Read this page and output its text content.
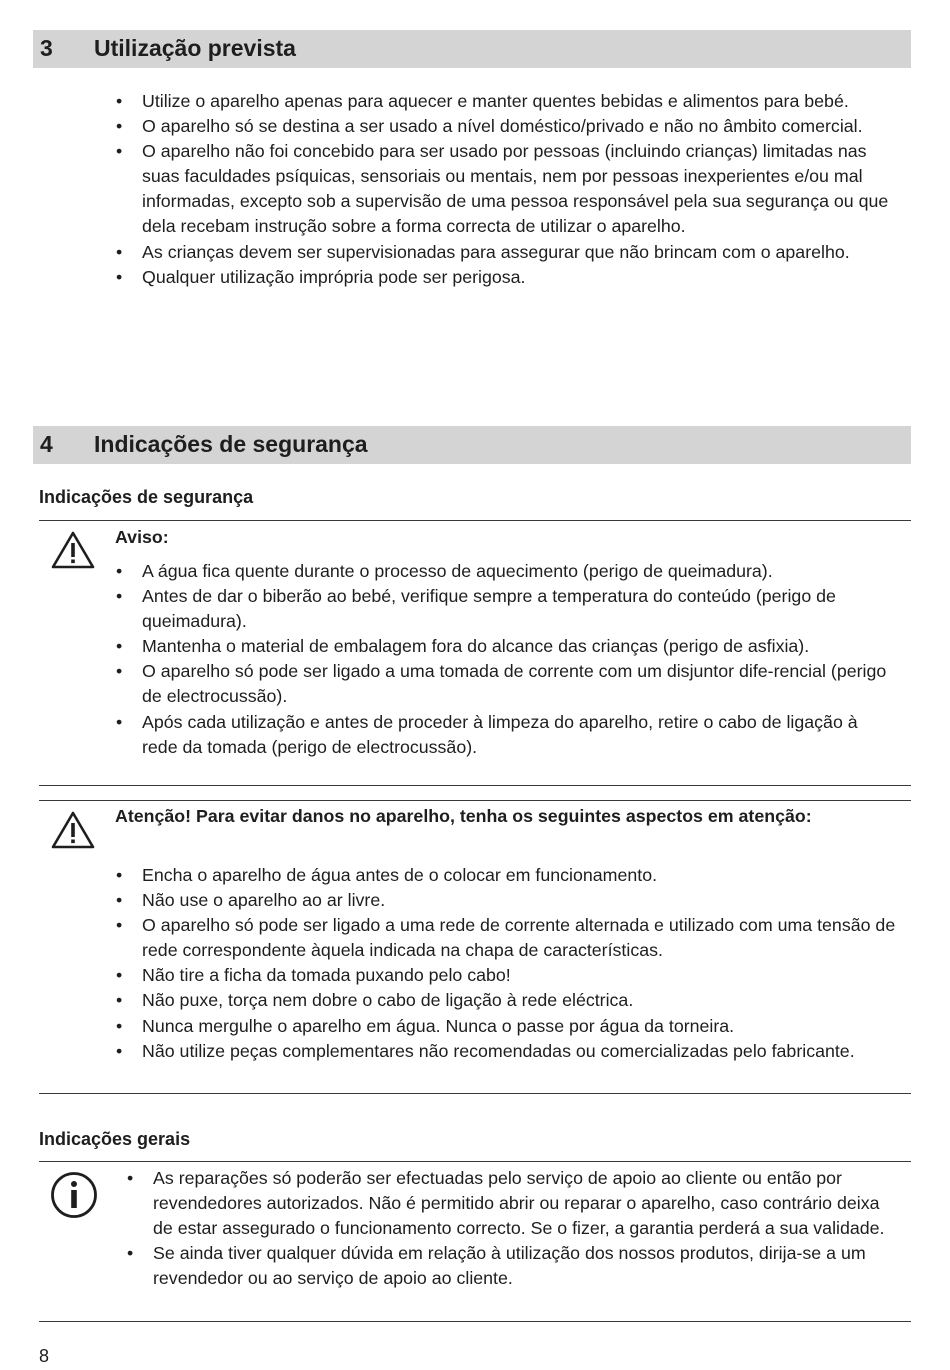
3 Utilização prevista
• Utilize o aparelho apenas para aquecer e manter quentes bebidas e alimentos para bebé.
• O aparelho só se destina a ser usado a nível doméstico/privado e não no âmbito comercial.
• O aparelho não foi concebido para ser usado por pessoas (incluindo crianças) limitadas nas suas faculdades psíquicas, sensoriais ou mentais, nem por pessoas inexperientes e/ou mal informadas, excepto sob a supervisão de uma pessoa responsável pela sua segurança ou que dela recebam instrução sobre a forma correcta de utilizar o aparelho.
• As crianças devem ser supervisionadas para assegurar que não brincam com o aparelho.
• Qualquer utilização imprópria pode ser perigosa.
4 Indicações de segurança
Indicações de segurança
Aviso:
• A água fica quente durante o processo de aquecimento (perigo de queimadura).
• Antes de dar o biberão ao bebé, verifique sempre a temperatura do conteúdo (perigo de queimadura).
• Mantenha o material de embalagem fora do alcance das crianças (perigo de asfixia).
• O aparelho só pode ser ligado a uma tomada de corrente com um disjuntor dife-rencial (perigo de electrocussão).
• Após cada utilização e antes de proceder à limpeza do aparelho, retire o cabo de ligação à rede da tomada (perigo de electrocussão).
Atenção! Para evitar danos no aparelho, tenha os seguintes aspectos em atenção:
• Encha o aparelho de água antes de o colocar em funcionamento.
• Não use o aparelho ao ar livre.
• O aparelho só pode ser ligado a uma rede de corrente alternada e utilizado com uma tensão de rede correspondente àquela indicada na chapa de características.
• Não tire a ficha da tomada puxando pelo cabo!
• Não puxe, torça nem dobre o cabo de ligação à rede eléctrica.
• Nunca mergulhe o aparelho em água. Nunca o passe por água da torneira.
• Não utilize peças complementares não recomendadas ou comercializadas pelo fabricante.
Indicações gerais
• As reparações só poderão ser efectuadas pelo serviço de apoio ao cliente ou então por revendedores autorizados. Não é permitido abrir ou reparar o aparelho, caso contrário deixa de estar assegurado o funcionamento correcto. Se o fizer, a garantia perderá a sua validade.
• Se ainda tiver qualquer dúvida em relação à utilização dos nossos produtos, dirija-se a um revendedor ou ao serviço de apoio ao cliente.
8
